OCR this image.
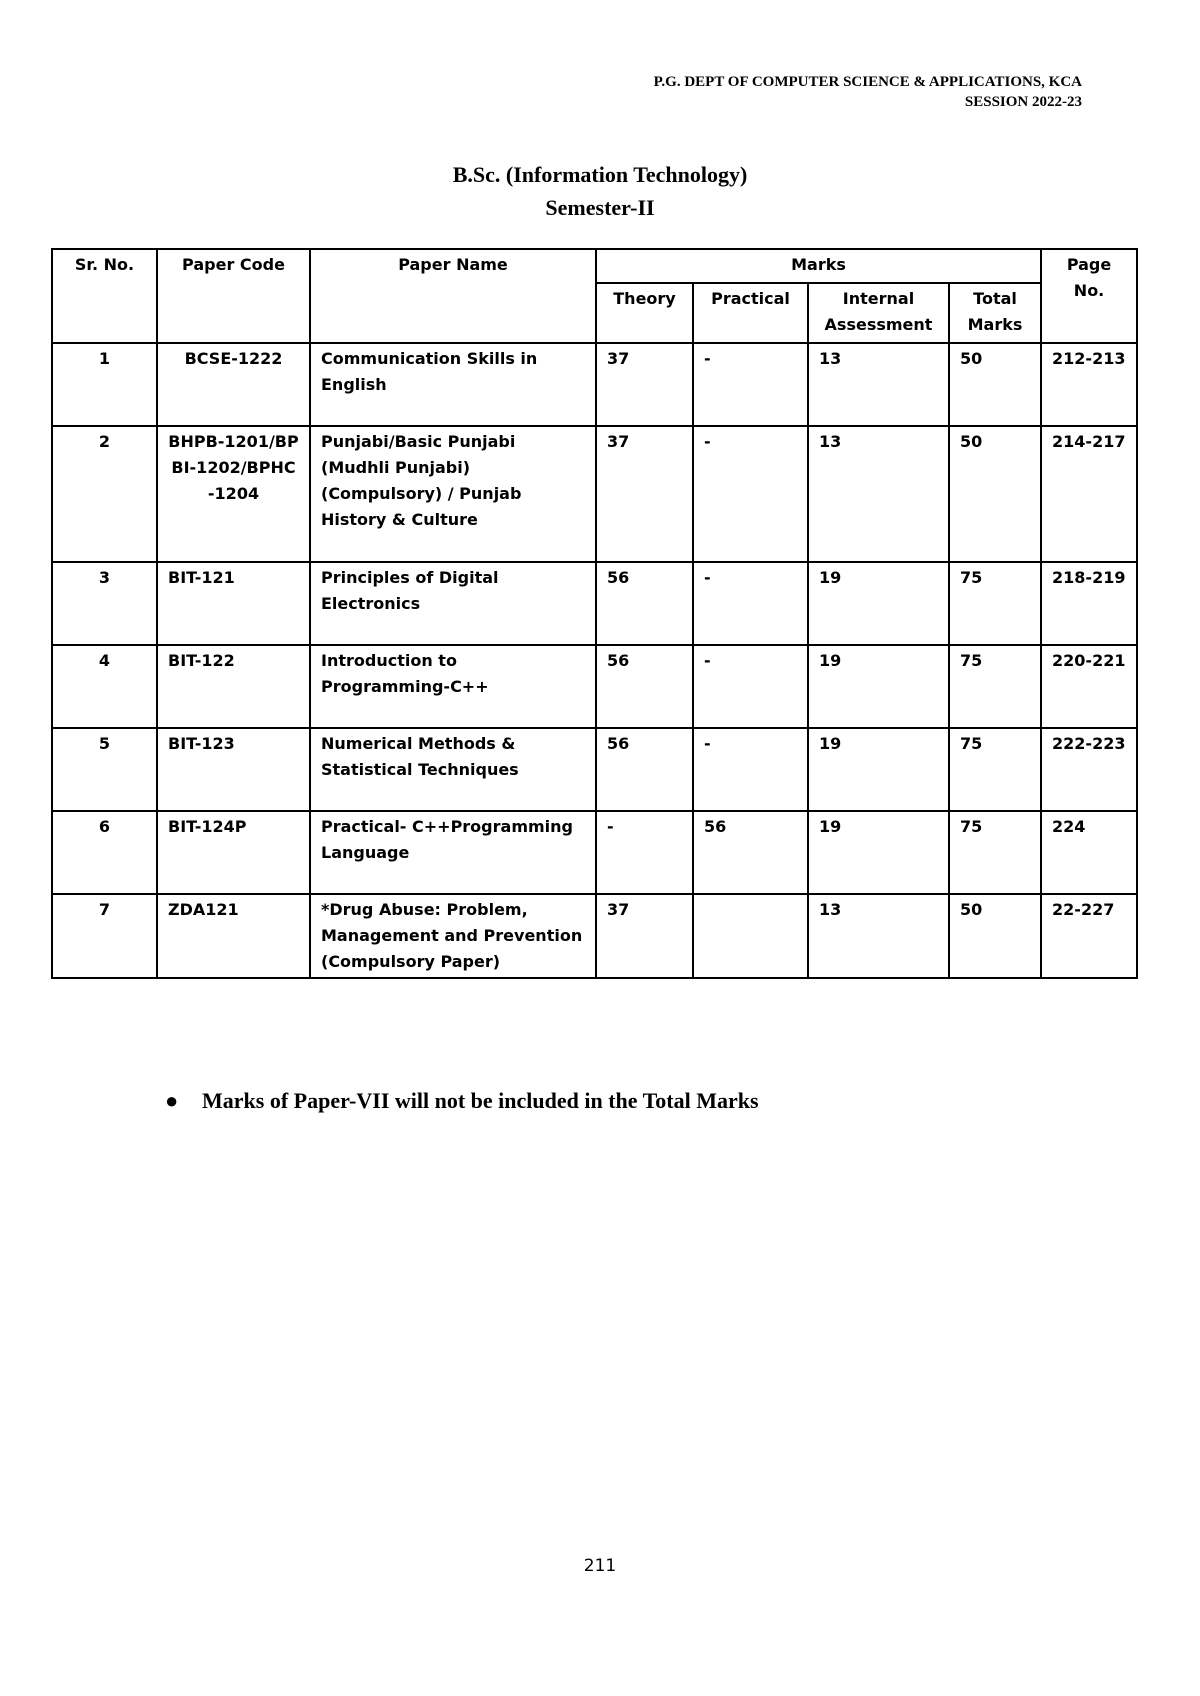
P.G. DEPT OF COMPUTER SCIENCE & APPLICATIONS, KCA
SESSION 2022-23
B.Sc. (Information Technology)
Semester-II
Sr. No.	Paper Code	Paper Name	Marks				Page No.
			Theory	Practical	Internal Assessment	Total Marks	
1	BCSE-1222	Communication Skills in English	37	-	13	50	212-213
2	BHPB-1201/BPBI-1202/BPHC-1204	Punjabi/Basic Punjabi (Mudhli Punjabi) (Compulsory) / Punjab History & Culture	37	-	13	50	214-217
3	BIT-121	Principles of Digital Electronics	56	-	19	75	218-219
4	BIT-122	Introduction to Programming-C++	56	-	19	75	220-221
5	BIT-123	Numerical Methods & Statistical Techniques	56	-	19	75	222-223
6	BIT-124P	Practical- C++Programming Language	-	56	19	75	224
7	ZDA121	*Drug Abuse: Problem, Management and Prevention (Compulsory Paper)	37		13	50	22-227
● Marks of Paper-VII will not be included in the Total Marks
211
